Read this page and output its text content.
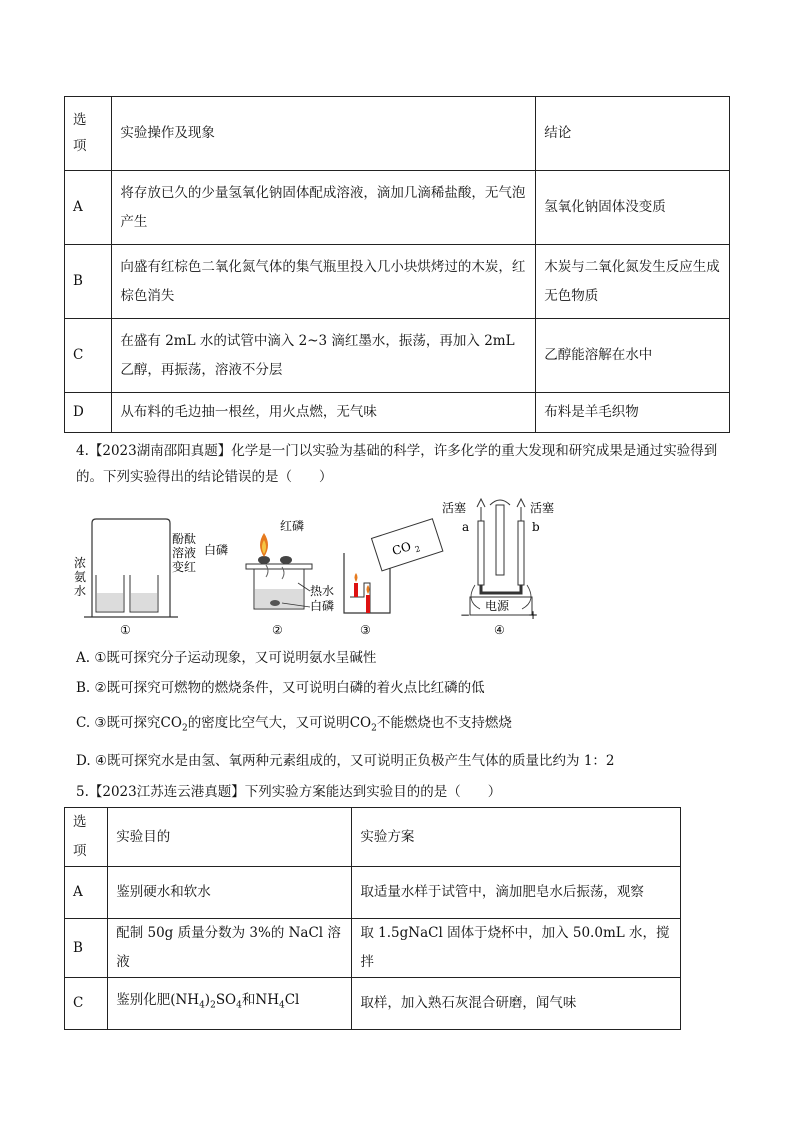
选项	实验操作及现象	结论
A	将存放已久的少量氢氧化钠固体配成溶液，滴加几滴稀盐酸，无气泡产生	氢氧化钠固体没变质
B	向盛有红棕色二氧化氮气体的集气瓶里投入几小块烘烤过的木炭，红棕色消失	木炭与二氧化氮发生反应生成无色物质
C	在盛有 2mL 水的试管中滴入 2~3 滴红墨水，振荡，再加入 2mL 乙醇，再振荡，溶液不分层	乙醇能溶解在水中
D	从布料的毛边抽一根丝，用火点燃，无气味	布料是羊毛织物
4.【2023湖南邵阳真题】化学是一门以实验为基础的科学，许多化学的重大发现和研究成果是通过实验得到的。下列实验得出的结论错误的是（　　）
浓
氨
水
酚酞
溶液
变红
①
白磷
红磷
热水
白磷
②
CO 2
③
活塞	活塞
a	b
电源
−	+
④
A. ①既可探究分子运动现象，又可说明氨水呈碱性
B. ②既可探究可燃物的燃烧条件，又可说明白磷的着火点比红磷的低
C. ③既可探究$CO_2$的密度比空气大，又可说明$CO_2$不能燃烧也不支持燃烧
D. ④既可探究水是由氢、氧两种元素组成的，又可说明正负极产生气体的质量比约为 1：2
5.【2023江苏连云港真题】下列实验方案能达到实验目的的是（　　）
选项	实验目的	实验方案
A	鉴别硬水和软水	取适量水样于试管中，滴加肥皂水后振荡，观察
B	配制 50g 质量分数为 3%的 NaCl 溶液	取 1.5gNaCl 固体于烧杯中，加入 50.0mL 水，搅拌
C	鉴别化肥$(NH_4)_2SO_4$和$NH_4Cl$	取样，加入熟石灰混合研磨，闻气味
